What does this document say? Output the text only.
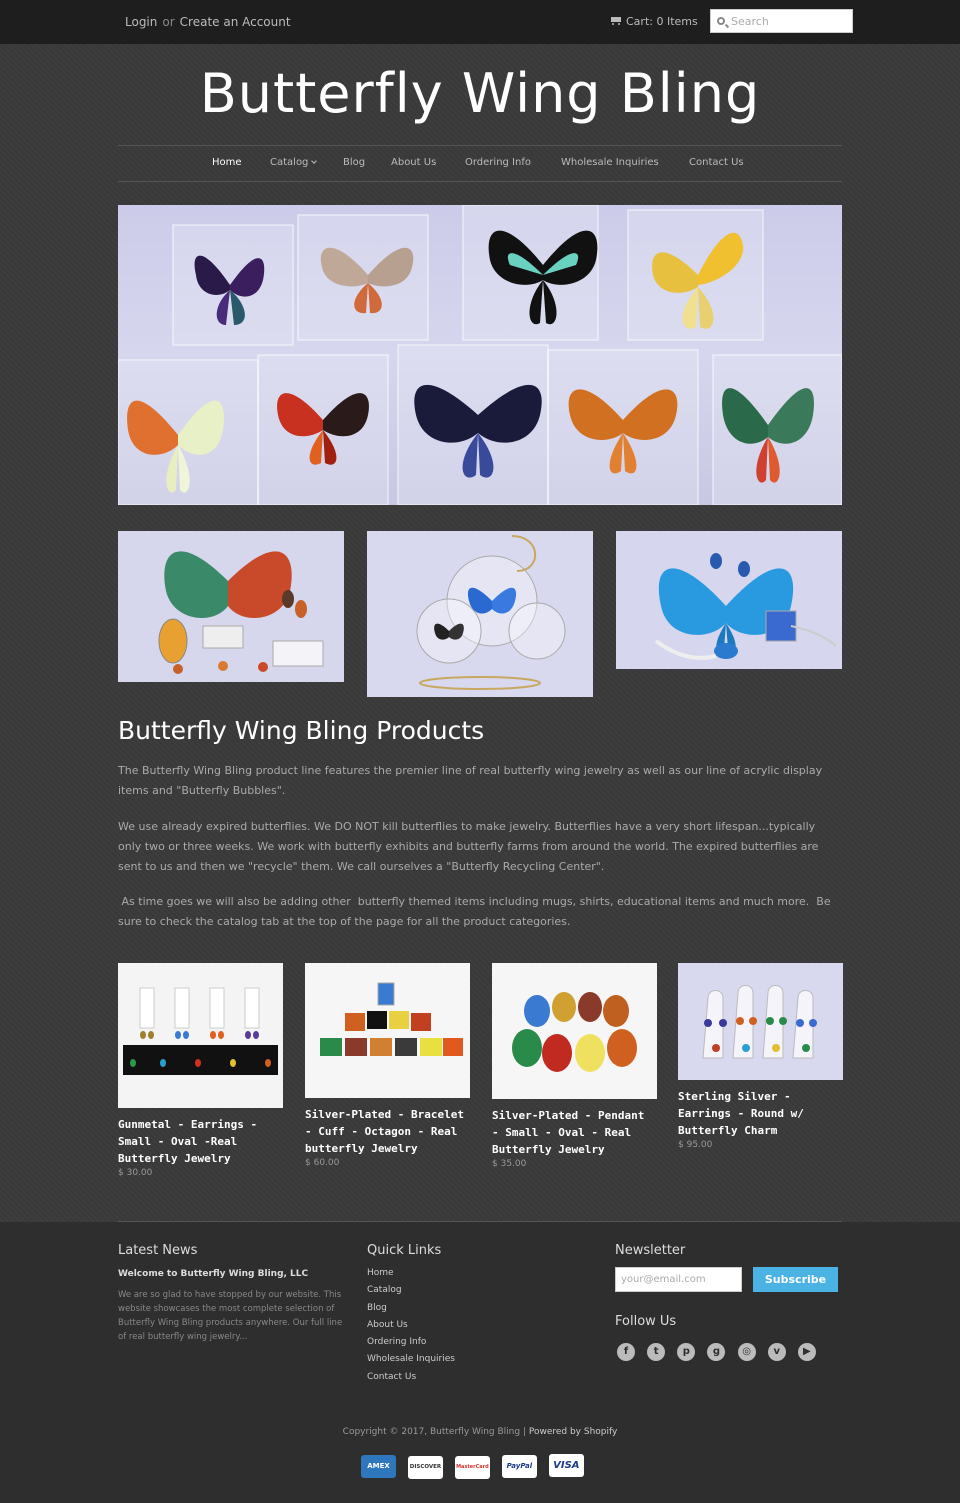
Login or Create an Account	Cart: 0 Items
Search
Butterfly Wing Bling
Home	Catalog	Blog	About Us	Ordering Info	Wholesale Inquiries	Contact Us
Butterfly Wing Bling Products

The Butterfly Wing Bling product line features the premier line of real butterfly wing jewelry as well as our line of acrylic display items and "Butterfly Bubbles".

We use already expired butterflies. We DO NOT kill butterflies to make jewelry. Butterflies have a very short lifespan...typically only two or three weeks. We work with butterfly exhibits and butterfly farms from around the world. The expired butterflies are sent to us and then we "recycle" them. We call ourselves a "Butterfly Recycling Center".

As time goes we will also be adding other  butterfly themed items including mugs, shirts, educational items and much more.  Be sure to check the catalog tab at the top of the page for all the product categories.

Gunmetal - Earrings - Small - Oval -Real Butterfly Jewelry
$ 30.00
Silver-Plated - Bracelet - Cuff - Octagon - Real butterfly Jewelry
$ 60.00
Silver-Plated - Pendant - Small - Oval - Real Butterfly Jewelry
$ 35.00
Sterling Silver - Earrings - Round w/ Butterfly Charm
$ 95.00
Latest News
Welcome to Butterfly Wing Bling, LLC
We are so glad to have stopped by our website. This website showcases the most complete selection of Butterfly Wing Bling products anywhere. Our full line of real butterfly wing jewelry...
Quick Links
Home
Catalog
Blog
About Us
Ordering Info
Wholesale Inquiries
Contact Us
Newsletter
your@email.com
Subscribe
Follow Us
f	t p g ◎ v ▶
Copyright © 2017, Butterfly Wing Bling | Powered by Shopify
AMEX	DISCOVER	MasterCard	PayPal VISA
